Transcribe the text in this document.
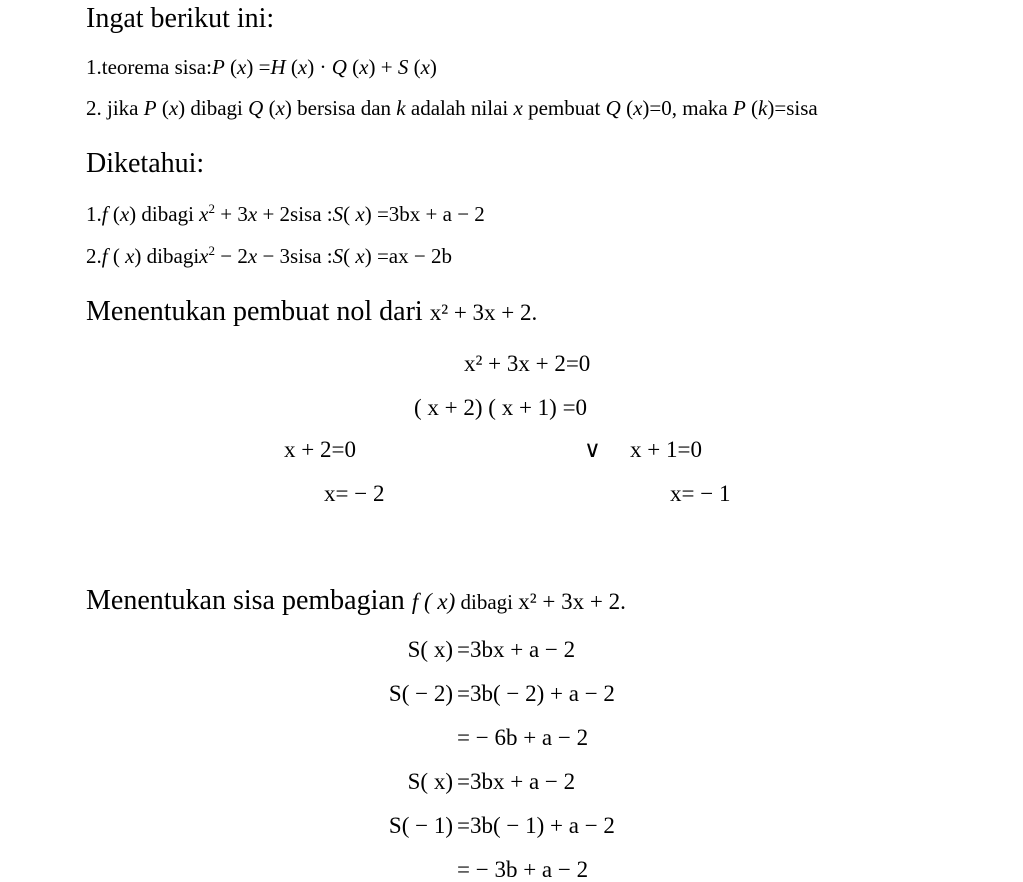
Ingat berikut ini:
1.teorema sisa:P (x) =H (x) · Q (x) + S (x)
2. jika P (x) dibagi Q (x) bersisa dan k adalah nilai x pembuat Q (x)=0, maka P (k)=sisa
Diketahui:
1.f (x) dibagi $x^2 + 3x$ + 2sisa :S( x) =3bx + a − 2
2.f ( x) dibagix$^2$ − 2x − 3sisa :S( x) =ax − 2b
Menentukan pembuat nol dari x² + 3x + 2.
x² + 3x + 2=0
( x + 2) ( x + 1) =0
x + 2=0	∨ x + 1=0
x= − 2	x= − 1
Menentukan sisa pembagian f ( x) dibagi x² + 3x + 2.
S( x) =3bx + a − 2
S( − 2) =3b( − 2) + a − 2
= − 6b + a − 2
S( x) =3bx + a − 2
S( − 1) =3b( − 1) + a − 2
= − 3b + a − 2
